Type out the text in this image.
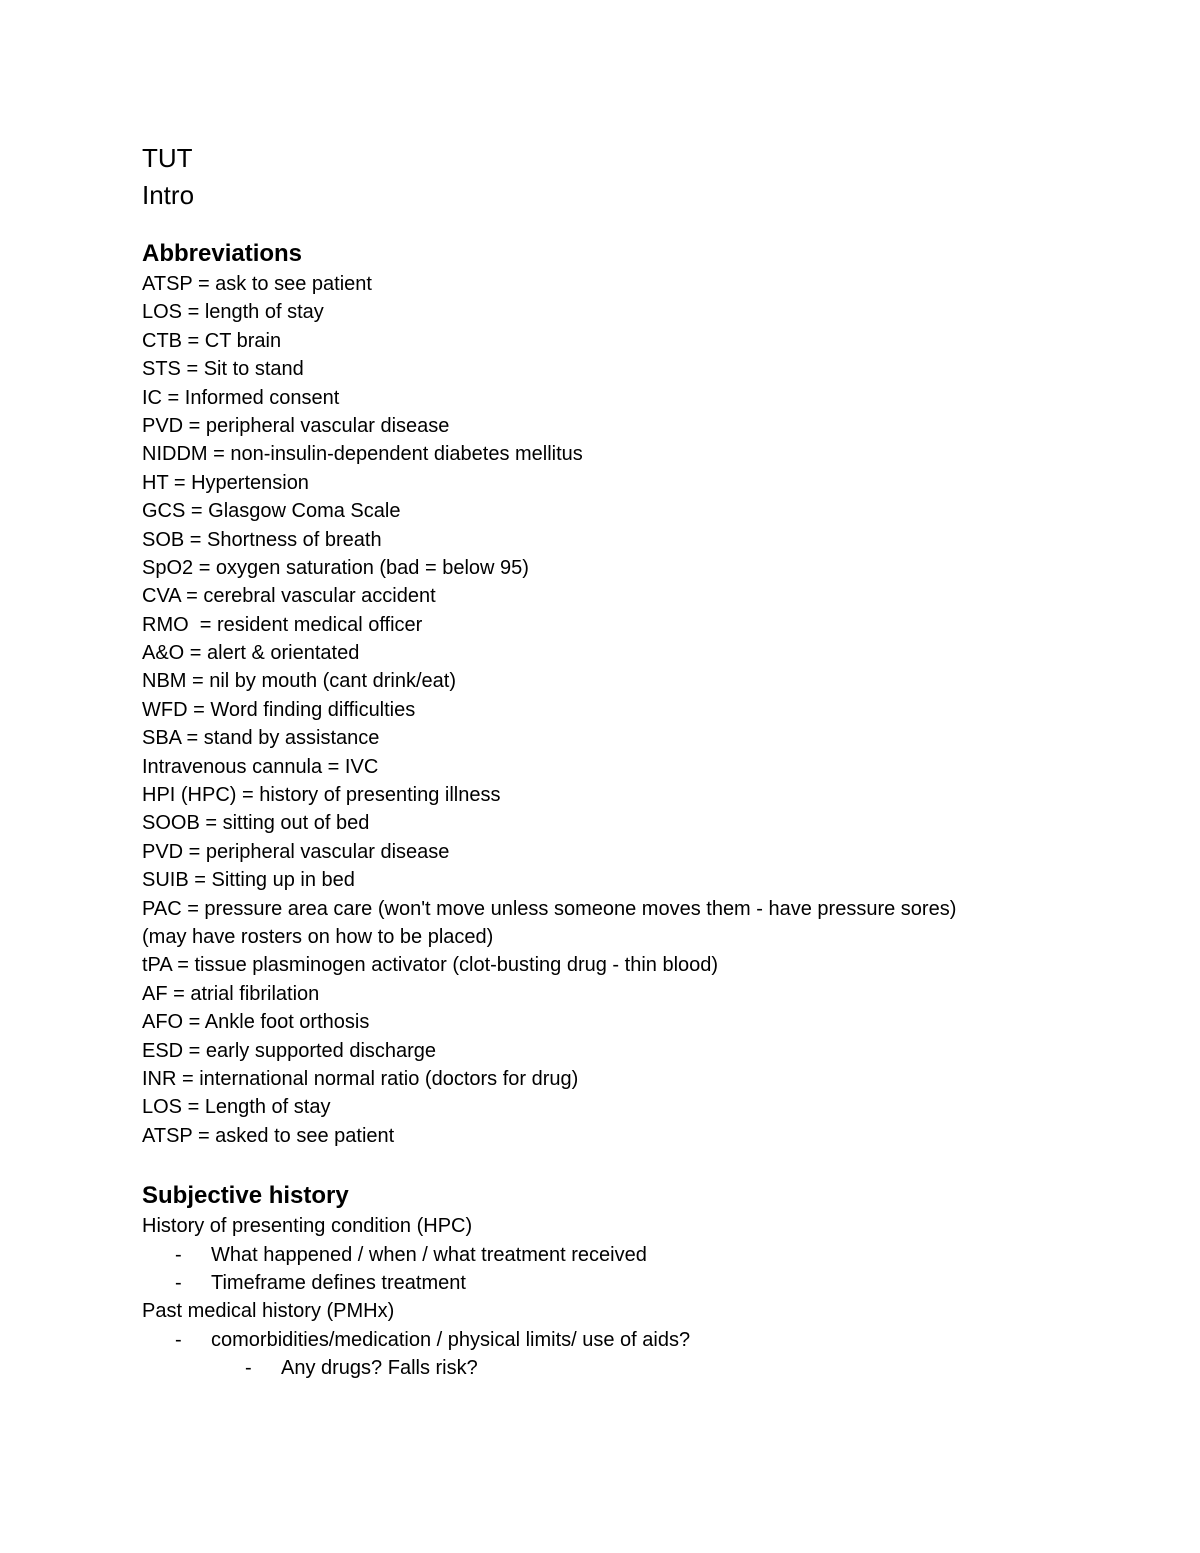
TUT
Intro
Abbreviations
ATSP = ask to see patient
LOS = length of stay
CTB = CT brain
STS = Sit to stand
IC = Informed consent
PVD = peripheral vascular disease
NIDDM = non-insulin-dependent diabetes mellitus
HT = Hypertension
GCS = Glasgow Coma Scale
SOB = Shortness of breath
SpO2 = oxygen saturation (bad = below 95)
CVA = cerebral vascular accident
RMO  = resident medical officer
A&O = alert & orientated
NBM = nil by mouth (cant drink/eat)
WFD = Word finding difficulties
SBA = stand by assistance
Intravenous cannula = IVC
HPI (HPC) = history of presenting illness
SOOB = sitting out of bed
PVD = peripheral vascular disease
SUIB = Sitting up in bed
PAC = pressure area care (won't move unless someone moves them - have pressure sores)
(may have rosters on how to be placed)
tPA = tissue plasminogen activator (clot-busting drug - thin blood)
AF = atrial fibrilation
AFO = Ankle foot orthosis
ESD = early supported discharge
INR = international normal ratio (doctors for drug)
LOS = Length of stay
ATSP = asked to see patient
Subjective history
History of presenting condition (HPC)
-	What happened / when / what treatment received
-	Timeframe defines treatment
Past medical history (PMHx)
-	comorbidities/medication / physical limits/ use of aids?
-	Any drugs? Falls risk?
